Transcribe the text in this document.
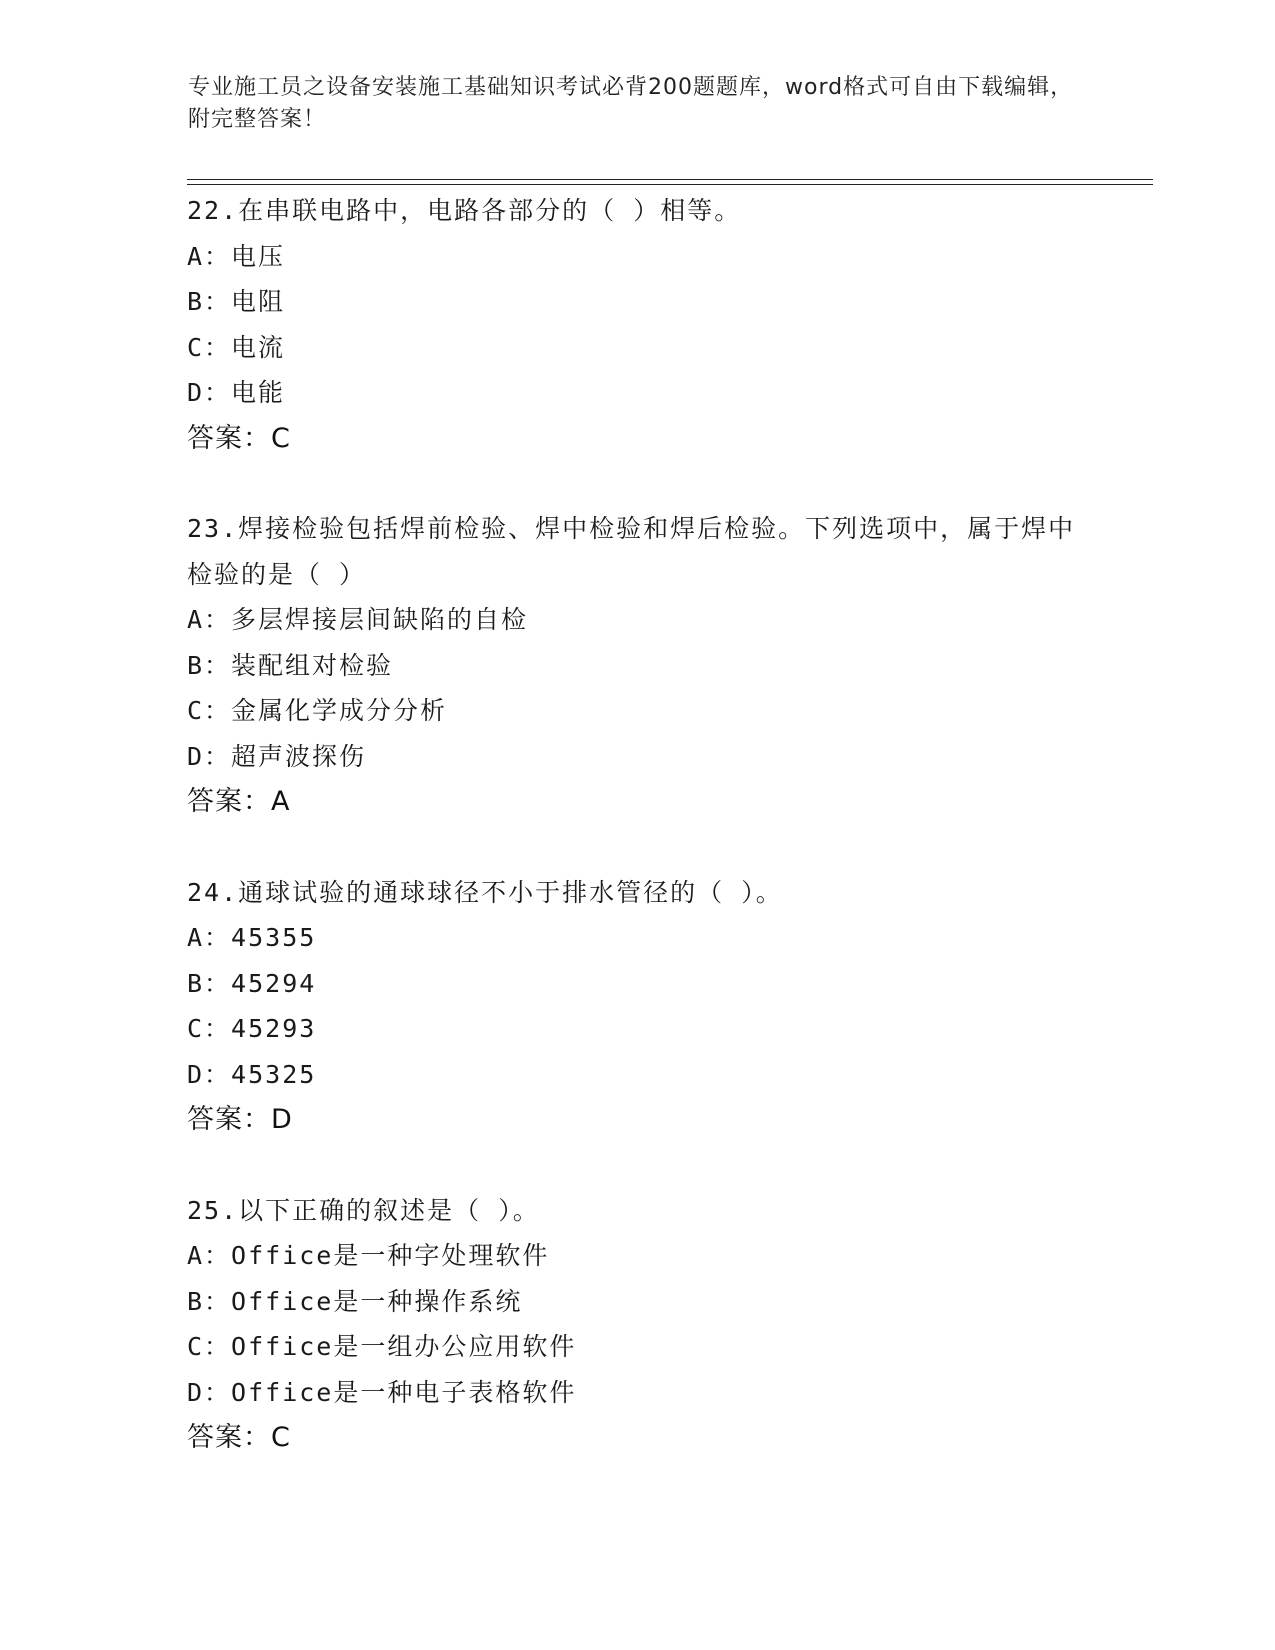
专业施工员之设备安装施工基础知识考试必背200题题库，word格式可自由下载编辑，附完整答案！
22.在串联电路中，电路各部分的（ ）相等。
A：电压
B：电阻
C：电流
D：电能
答案：C
23.焊接检验包括焊前检验、焊中检验和焊后检验。下列选项中，属于焊中检验的是（ ）
A：多层焊接层间缺陷的自检
B：装配组对检验
C：金属化学成分分析
D：超声波探伤
答案：A
24.通球试验的通球球径不小于排水管径的（ ）。
A：45355
B：45294
C：45293
D：45325
答案：D
25.以下正确的叙述是（ ）。
A：Office是一种字处理软件
B：Office是一种操作系统
C：Office是一组办公应用软件
D：Office是一种电子表格软件
答案：C
